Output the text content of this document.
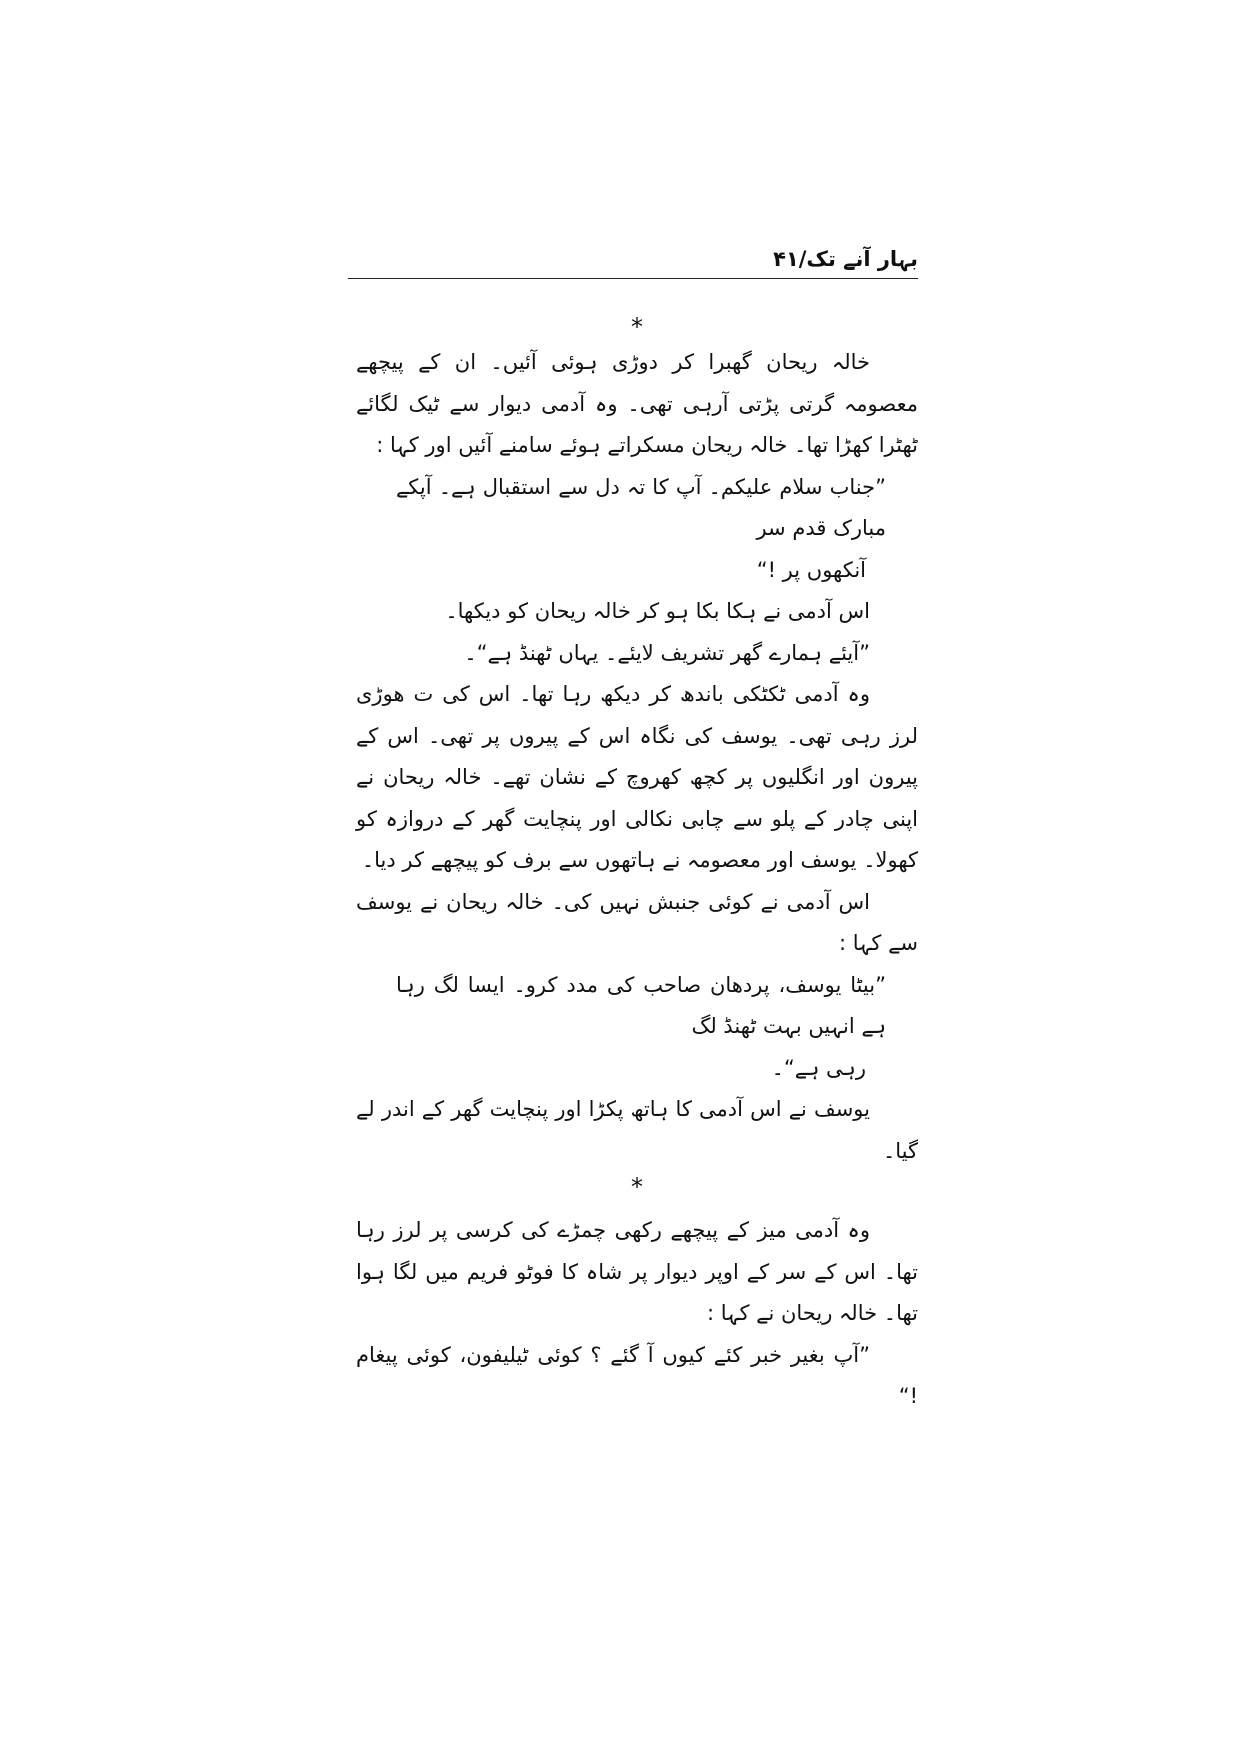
بہار آنے تک/۴۱
*

خالہ ریحان گھبرا کر دوڑی ہوئی آئیں۔ ان کے پیچھے معصومہ گرتی پڑتی آرہی تھی۔ وہ آدمی دیوار سے ٹیک لگائے ٹھٹرا کھڑا تھا۔ خالہ ریحان مسکراتے ہوئے سامنے آئیں اور کہا :

”جناب سلام علیکم۔ آپ کا تہ دل سے استقبال ہے۔ آپکے مبارک قدم سر
آنکھوں پر !“

اس آدمی نے ہکا بکا ہو کر خالہ ریحان کو دیکھا۔

”آیئے ہمارے گھر تشریف لایئے۔ یہاں ٹھنڈ ہے“۔

وہ آدمی ٹکٹکی باندھ کر دیکھ رہا تھا۔ اس کی ت ھوڑی لرز رہی تھی۔ یوسف کی نگاہ اس کے پیروں پر تھی۔ اس کے پیرون اور انگلیوں پر کچھ کھروچ کے نشان تھے۔ خالہ ریحان نے اپنی چادر کے پلو سے چابی نکالی اور پنچایت گھر کے دروازہ کو کھولا۔ یوسف اور معصومہ نے ہاتھوں سے برف کو پیچھے کر دیا۔

اس آدمی نے کوئی جنبش نہیں کی۔ خالہ ریحان نے یوسف سے کہا :

”بیٹا یوسف، پردھان صاحب کی مدد کرو۔ ایسا لگ رہا ہے انہیں بہت ٹھنڈ لگ
رہی ہے“۔

یوسف نے اس آدمی کا ہاتھ پکڑا اور پنچایت گھر کے اندر لے گیا۔

*

وہ آدمی میز کے پیچھے رکھی چمڑے کی کرسی پر لرز رہا تھا۔ اس کے سر کے اوپر دیوار پر شاہ کا فوٹو فریم میں لگا ہوا تھا۔ خالہ ریحان نے کہا :

”آپ بغیر خبر کئے کیوں آ گئے ؟ کوئی ٹیلیفون، کوئی پیغام !“
